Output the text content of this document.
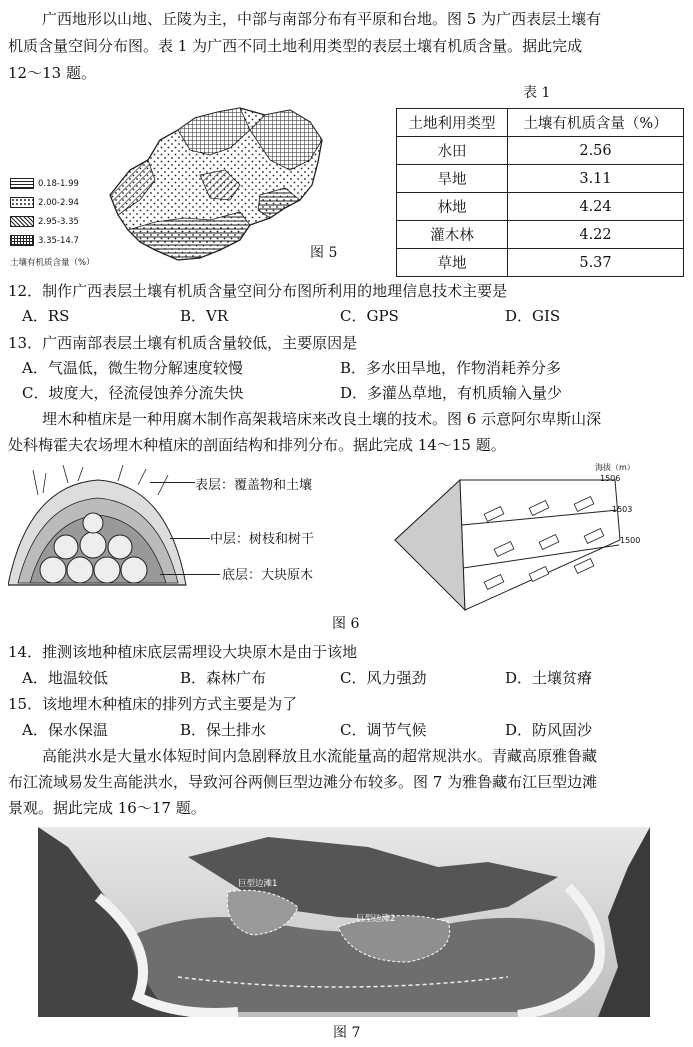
广西地形以山地、丘陵为主，中部与南部分布有平原和台地。图 5 为广西表层土壤有
机质含量空间分布图。表 1 为广西不同土地利用类型的表层土壤有机质含量。据此完成
12～13 题。
0.18-1.99
2.00-2.94
2.95-3.35
3.35-14.7
土壤有机质含量（%）
图 5
表 1
土地利用类型	土壤有机质含量（%）
水田	2.56
旱地	3.11
林地	4.24
灌木林	4.22
草地	5.37
12．制作广西表层土壤有机质含量空间分布图所利用的地理信息技术主要是
A．RS	B．VR	C．GPS	D．GIS
13．广西南部表层土壤有机质含量较低，主要原因是
A．气温低，微生物分解速度较慢	B．多水田旱地，作物消耗养分多
C．坡度大，径流侵蚀养分流失快	D．多灌丛草地，有机质输入量少
埋木种植床是一种用腐木制作高架栽培床来改良土壤的技术。图 6 示意阿尔卑斯山深
处科梅霍夫农场埋木种植床的剖面结构和排列分布。据此完成 14～15 题。
表层：覆盖物和土壤
中层：树枝和树干
底层：大块原木
海拔（m）
1506
1503
1500
图 6
14．推测该地种植床底层需埋设大块原木是由于该地
A．地温较低	B．森林广布	C．风力强劲	D．土壤贫瘠
15．该地埋木种植床的排列方式主要是为了
A．保水保温	B．保土排水	C．调节气候	D．防风固沙
高能洪水是大量水体短时间内急剧释放且水流能量高的超常规洪水。青藏高原雅鲁藏
布江流域易发生高能洪水，导致河谷两侧巨型边滩分布较多。图 7 为雅鲁藏布江巨型边滩
景观。据此完成 16～17 题。
巨型边滩1
巨型边滩2
图 7
